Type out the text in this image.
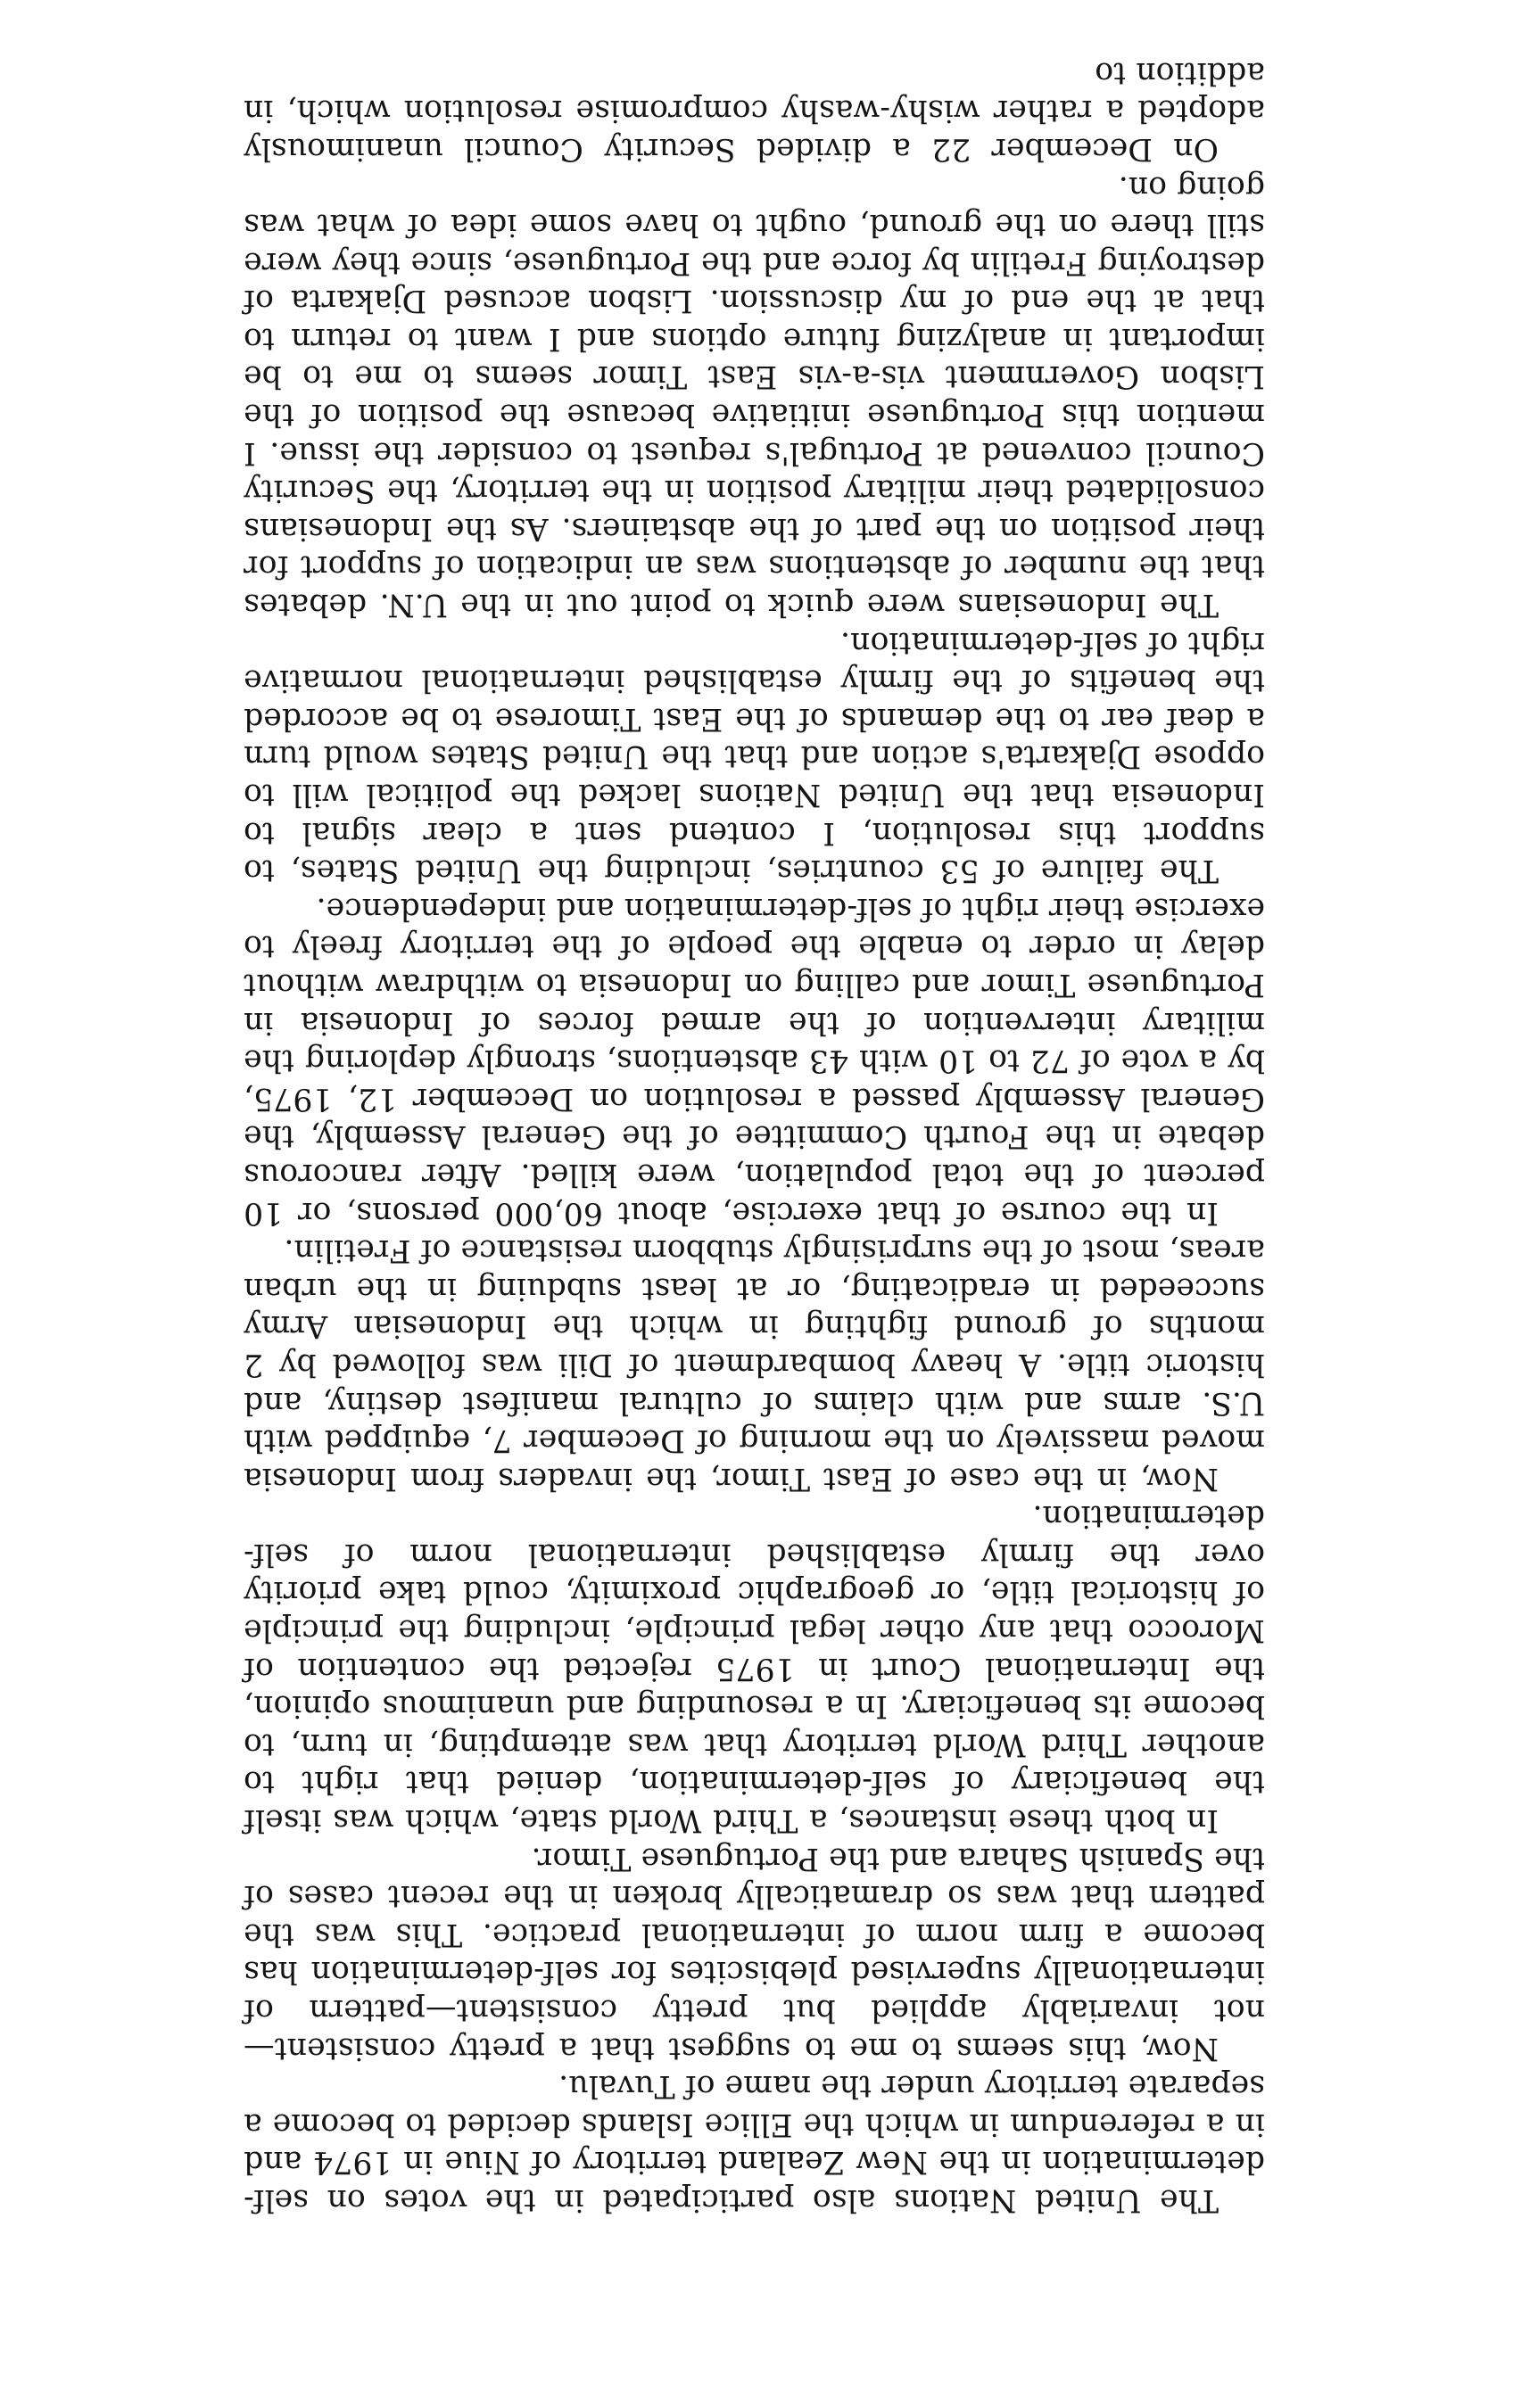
The United Nations also participated in the votes on self-determination in the New Zealand territory of Niue in 1974 and in a referendum in which the Ellice Islands decided to become a separate territory under the name of Tuvalu.

Now, this seems to me to suggest that a pretty consistent—not invariably applied but pretty consistent—pattern of internationally supervised plebiscites for self-determination has become a firm norm of international practice. This was the pattern that was so dramatically broken in the recent cases of the Spanish Sahara and the Portuguese Timor.

In both these instances, a Third World state, which was itself the beneficiary of self-determination, denied that right to another Third World territory that was attempting, in turn, to become its beneficiary. In a resounding and unanimous opinion, the International Court in 1975 rejected the contention of Morocco that any other legal principle, including the principle of historical title, or geographic proximity, could take priority over the firmly established international norm of self-determination.

Now, in the case of East Timor, the invaders from Indonesia moved massively on the morning of December 7, equipped with U.S. arms and with claims of cultural manifest destiny, and historic title. A heavy bombardment of Dili was followed by 2 months of ground fighting in which the Indonesian Army succeeded in eradicating, or at least subduing in the urban areas, most of the surprisingly stubborn resistance of Fretilin.

In the course of that exercise, about 60,000 persons, or 10 percent of the total population, were killed. After rancorous debate in the Fourth Committee of the General Assembly, the General Assembly passed a resolution on December 12, 1975, by a vote of 72 to 10 with 43 abstentions, strongly deploring the military intervention of the armed forces of Indonesia in Portuguese Timor and calling on Indonesia to withdraw without delay in order to enable the people of the territory freely to exercise their right of self-determination and independence.

The failure of 53 countries, including the United States, to support this resolution, I contend sent a clear signal to Indonesia that the United Nations lacked the political will to oppose Djakarta's action and that the United States would turn a deaf ear to the demands of the East Timorese to be accorded the benefits of the firmly established international normative right of self-determination.

The Indonesians were quick to point out in the U.N. debates that the number of abstentions was an indication of support for their position on the part of the abstainers. As the Indonesians consolidated their military position in the territory, the Security Council convened at Portugal's request to consider the issue. I mention this Portuguese initiative because the position of the Lisbon Government vis-a-vis East Timor seems to me to be important in analyzing future options and I want to return to that at the end of my discussion. Lisbon accused Djakarta of destroying Fretilin by force and the Portuguese, since they were still there on the ground, ought to have some idea of what was going on.

On December 22 a divided Security Council unanimously adopted a rather wishy-washy compromise resolution which, in addition to
